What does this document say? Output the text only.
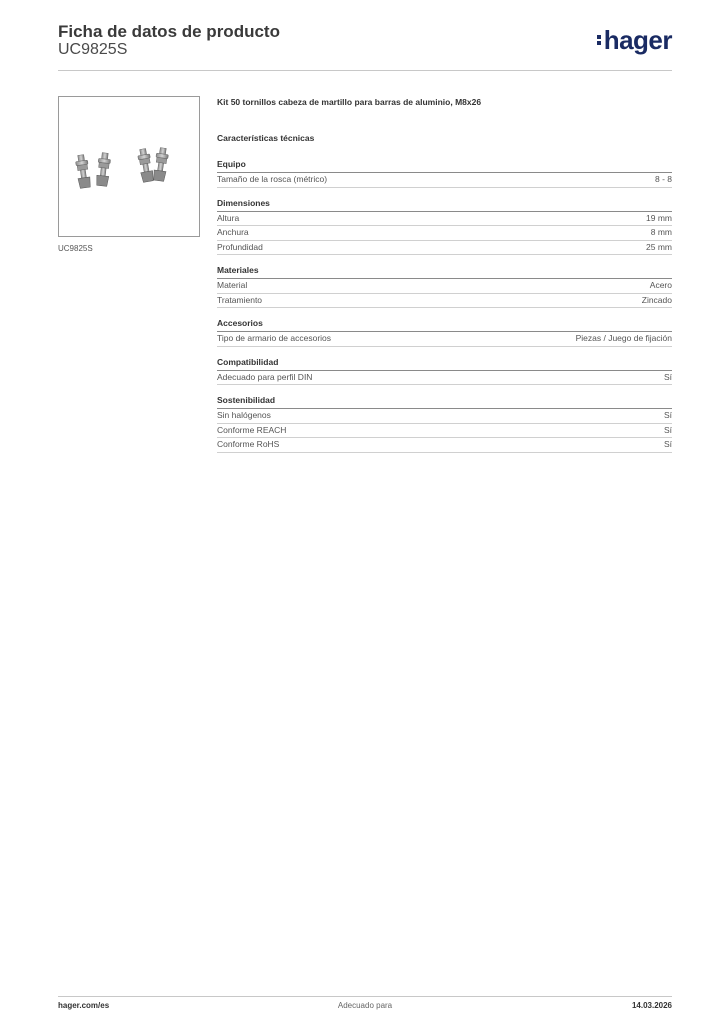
Ficha de datos de producto
UC9825S	hager
UC9825S
Kit 50 tornillos cabeza de martillo para barras de aluminio, M8x26
Características técnicas
Equipo
Tamaño de la rosca (métrico)	8 - 8
Dimensiones
Altura	19 mm
Anchura	8 mm
Profundidad	25 mm
Materiales
Material	Acero
Tratamiento	Zincado
Accesorios
Tipo de armario de accesorios	Piezas / Juego de fijación
Compatibilidad
Adecuado para perfil DIN	Sí
Sostenibilidad
Sin halógenos	Sí
Conforme REACH	Sí
Conforme RoHS	Sí
Adecuado para
hager.com/es	14.03.2026
